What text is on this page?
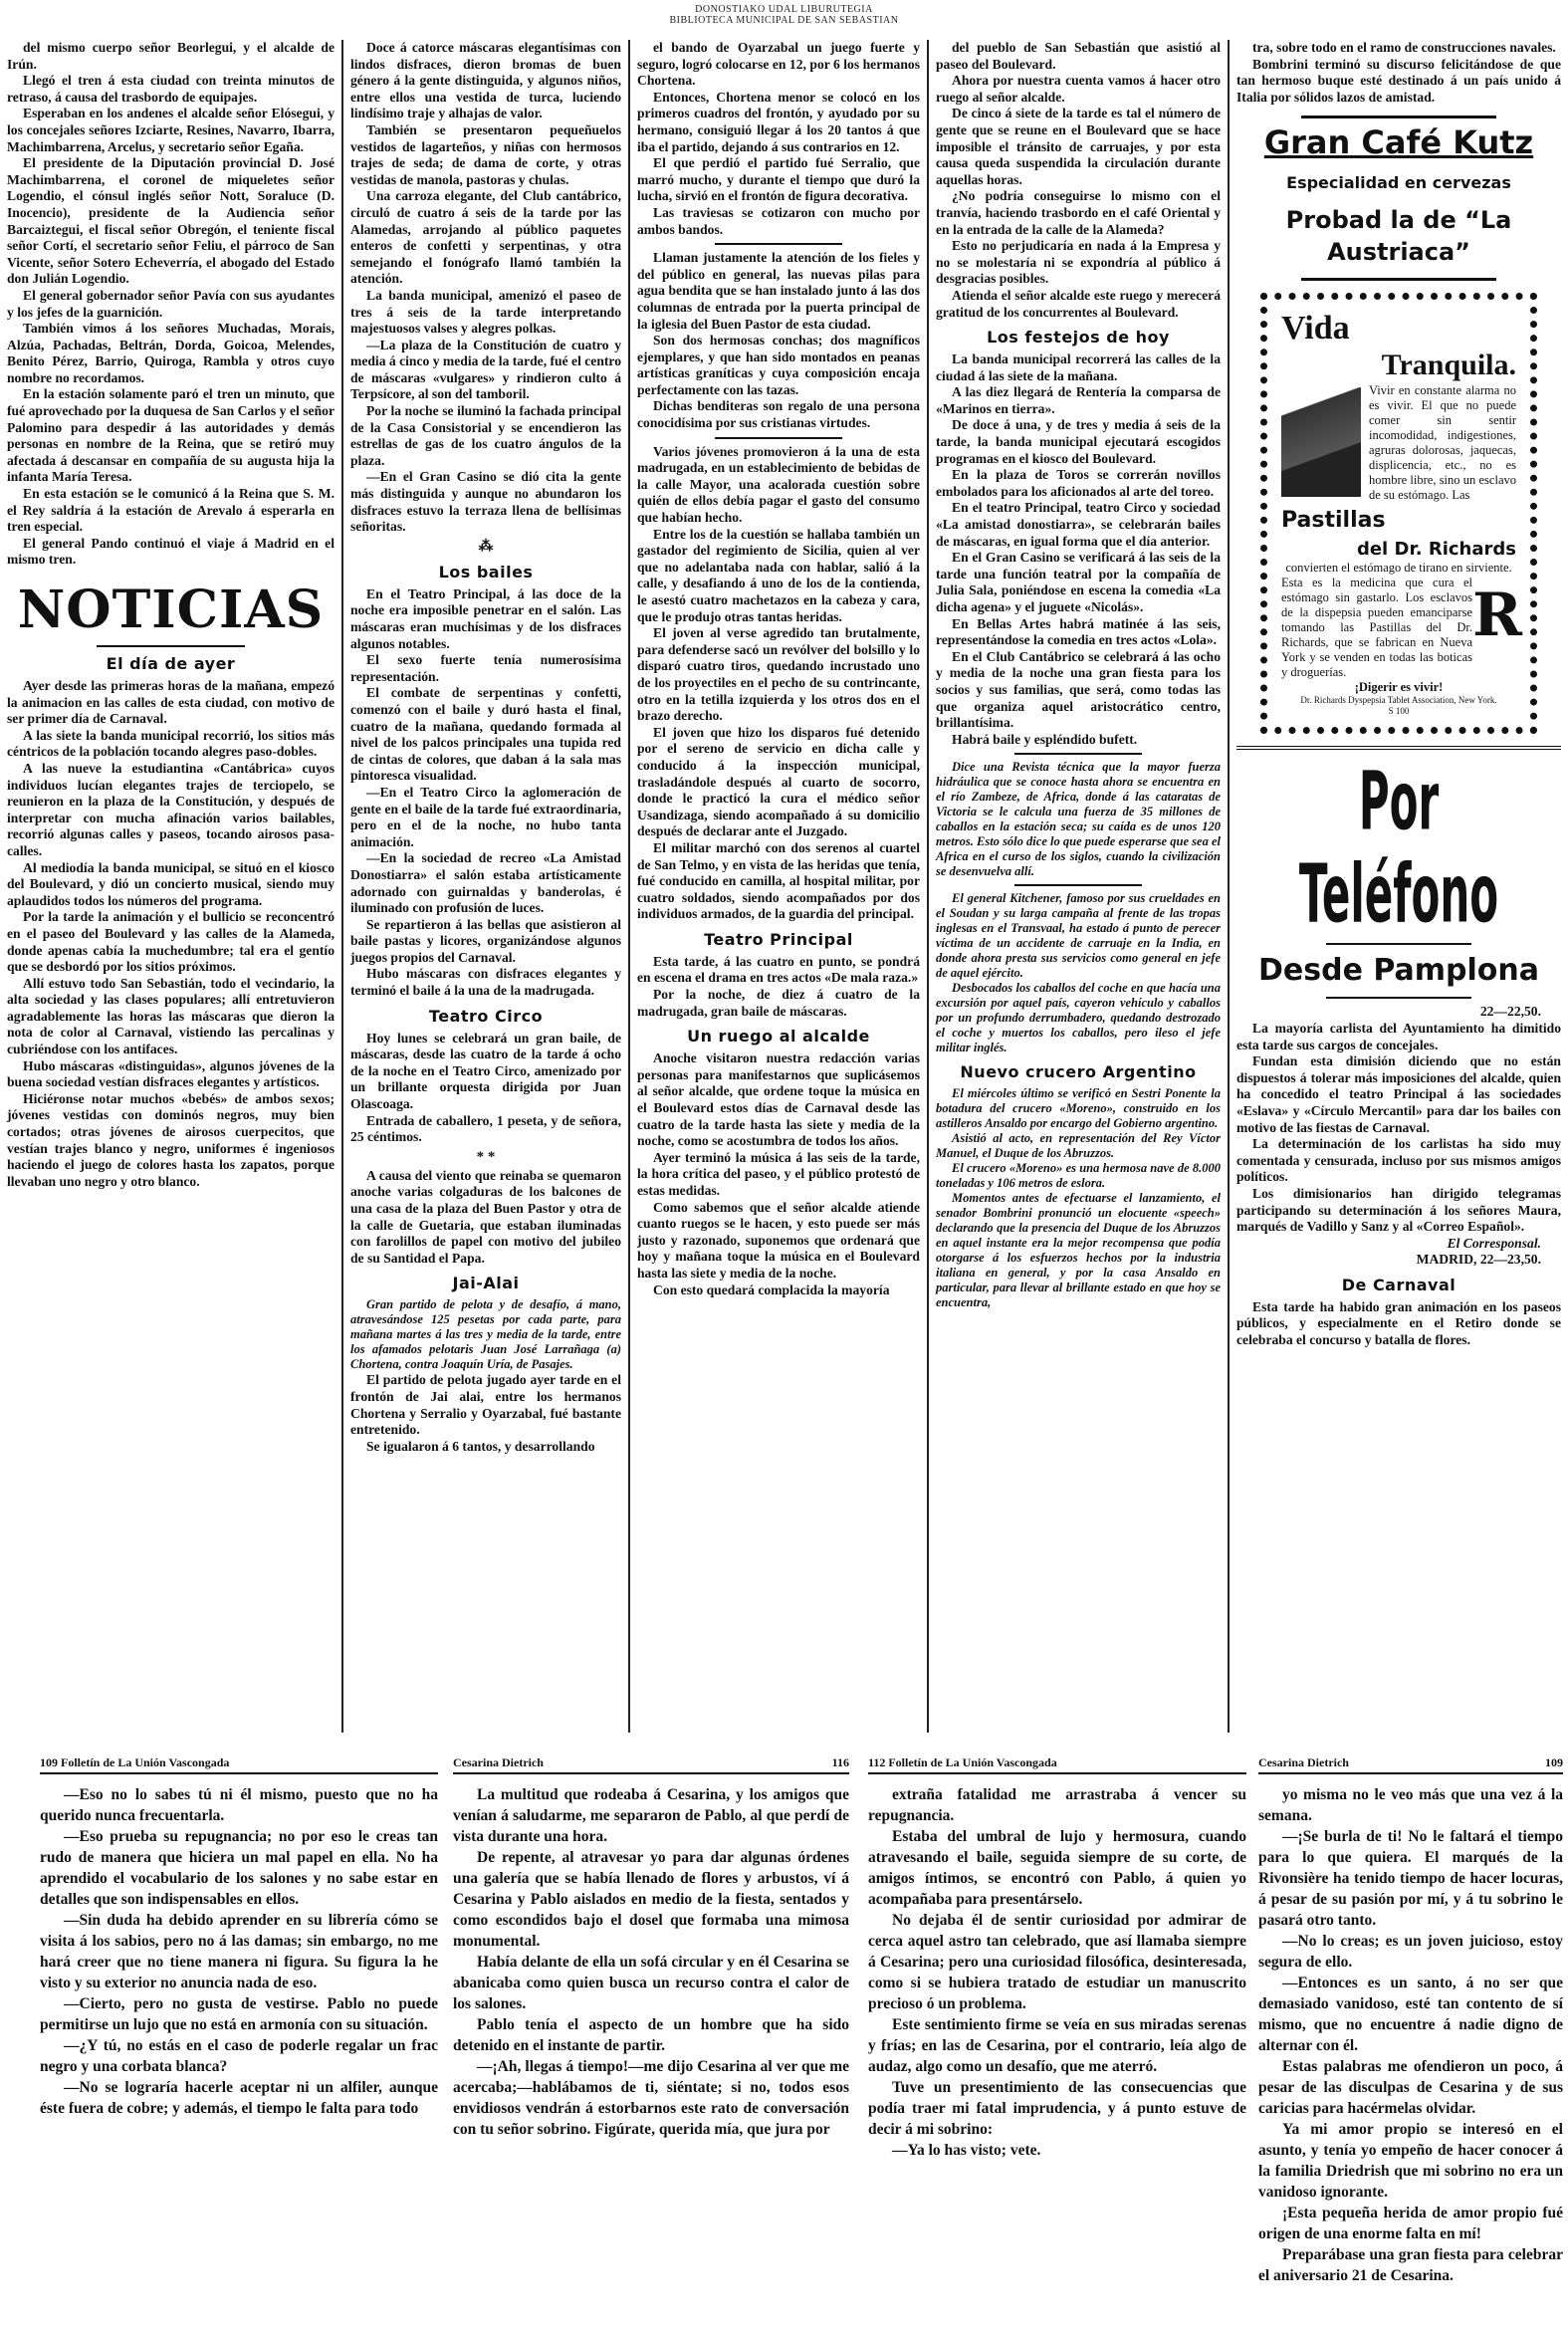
DONOSTIAKO UDAL LIBURUTEGIA
BIBLIOTECA MUNICIPAL DE SAN SEBASTIAN

del mismo cuerpo señor Beorlegui, y el alcalde de Irún.

Llegó el tren á esta ciudad con treinta minutos de retraso, á causa del trasbordo de equipajes.

Esperaban en los andenes el alcalde señor Elósegui, y los concejales señores Izciarte, Resines, Navarro, Ibarra, Machimbarrena, Arcelus, y secretario señor Egaña.

El presidente de la Diputación provincial D. José Machimbarrena, el coronel de miqueletes señor Logendio, el cónsul inglés señor Nott, Soraluce (D. Inocencio), presidente de la Audiencia señor Barcaiztegui, el fiscal señor Obregón, el teniente fiscal señor Cortí, el secretario señor Feliu, el párroco de San Vicente, señor Sotero Echeverría, el abogado del Estado don Julián Logendio.

El general gobernador señor Pavía con sus ayudantes y los jefes de la guarnición.

También vimos á los señores Muchadas, Morais, Alzúa, Pachadas, Beltrán, Dorda, Goicoa, Melendes, Benito Pérez, Barrio, Quiroga, Rambla y otros cuyo nombre no recordamos.

En la estación solamente paró el tren un minuto, que fué aprovechado por la duquesa de San Carlos y el señor Palomino para despedir á las autoridades y demás personas en nombre de la Reina, que se retiró muy afectada á descansar en compañía de su augusta hija la infanta María Teresa.

En esta estación se le comunicó á la Reina que S. M. el Rey saldría á la estación de Arevalo á esperarla en tren especial.

El general Pando continuó el viaje á Madrid en el mismo tren.

NOTICIAS
El día de ayer

Ayer desde las primeras horas de la mañana, empezó la animacion en las calles de esta ciudad, con motivo de ser primer día de Carnaval.

A las siete la banda municipal recorrió, los sitios más céntricos de la población tocando alegres paso-dobles.

A las nueve la estudiantina «Cantábrica» cuyos individuos lucían elegantes trajes de terciopelo, se reunieron en la plaza de la Constitución, y después de interpretar con mucha afinación varios bailables, recorrió algunas calles y paseos, tocando airosos pasa-calles.

Al mediodía la banda municipal, se situó en el kiosco del Boulevard, y dió un concierto musical, siendo muy aplaudidos todos los números del programa.

Por la tarde la animación y el bullicio se reconcentró en el paseo del Boulevard y las calles de la Alameda, donde apenas cabía la muchedumbre; tal era el gentío que se desbordó por los sitios próximos.

Allí estuvo todo San Sebastián, todo el vecindario, la alta sociedad y las clases populares; allí entretuvieron agradablemente las horas las máscaras que dieron la nota de color al Carnaval, vistiendo las percalinas y cubriéndose con los antifaces.

Hubo máscaras «distinguidas», algunos jóvenes de la buena sociedad vestían disfraces elegantes y artísticos.

Hiciéronse notar muchos «bebés» de ambos sexos; jóvenes vestidas con dominós negros, muy bien cortados; otras jóvenes de airosos cuerpecitos, que vestían trajes blanco y negro, uniformes é ingeniosos haciendo el juego de colores hasta los zapatos, porque llevaban uno negro y otro blanco.

Doce á catorce máscaras elegantísimas con lindos disfraces, dieron bromas de buen género á la gente distinguida, y algunos niños, entre ellos una vestida de turca, luciendo lindísimo traje y alhajas de valor.

También se presentaron pequeñuelos vestidos de lagarteños, y niñas con hermosos trajes de seda; de dama de corte, y otras vestidas de manola, pastoras y chulas.

Una carroza elegante, del Club cantábrico, circuló de cuatro á seis de la tarde por las Alamedas, arrojando al público paquetes enteros de confetti y serpentinas, y otra semejando el fonógrafo llamó también la atención.

La banda municipal, amenizó el paseo de tres á seis de la tarde interpretando majestuosos valses y alegres polkas.

—La plaza de la Constitución de cuatro y media á cinco y media de la tarde, fué el centro de máscaras «vulgares» y rindieron culto á Terpsícore, al son del tamboril.

Por la noche se iluminó la fachada principal de la Casa Consistorial y se encendieron las estrellas de gas de los cuatro ángulos de la plaza.

—En el Gran Casino se dió cita la gente más distinguida y aunque no abundaron los disfraces estuvo la terraza llena de bellísimas señoritas.

⁂
Los bailes

En el Teatro Principal, á las doce de la noche era imposible penetrar en el salón. Las máscaras eran muchísimas y de los disfraces algunos notables.

El sexo fuerte tenía numerosísima representación.

El combate de serpentinas y confetti, comenzó con el baile y duró hasta el final, cuatro de la mañana, quedando formada al nivel de los palcos principales una tupida red de cintas de colores, que daban á la sala mas pintoresca visualidad.

—En el Teatro Circo la aglomeración de gente en el baile de la tarde fué extraordinaria, pero en el de la noche, no hubo tanta animación.

—En la sociedad de recreo «La Amistad Donostiarra» el salón estaba artísticamente adornado con guirnaldas y banderolas, é iluminado con profusión de luces.

Se repartieron á las bellas que asistieron al baile pastas y licores, organizándose algunos juegos propios del Carnaval.

Hubo máscaras con disfraces elegantes y terminó el baile á la una de la madrugada.

Teatro Circo

Hoy lunes se celebrará un gran baile, de máscaras, desde las cuatro de la tarde á ocho de la noche en el Teatro Circo, amenizado por un brillante orquesta dirigida por Juan Olascoaga.

Entrada de caballero, 1 peseta, y de señora, 25 céntimos.

* *

A causa del viento que reinaba se quemaron anoche varias colgaduras de los balcones de una casa de la plaza del Buen Pastor y otra de la calle de Guetaria, que estaban iluminadas con farolillos de papel con motivo del jubileo de su Santidad el Papa.

Jai-Alai

Gran partido de pelota y de desafío, á mano, atravesándose 125 pesetas por cada parte, para mañana martes á las tres y media de la tarde, entre los afamados pelotaris Juan José Larrañaga (a) Chortena, contra Joaquín Uría, de Pasajes.

El partido de pelota jugado ayer tarde en el frontón de Jai alai, entre los hermanos Chortena y Serralio y Oyarzabal, fué bastante entretenido.

Se igualaron á 6 tantos, y desarrollando

el bando de Oyarzabal un juego fuerte y seguro, logró colocarse en 12, por 6 los hermanos Chortena.

Entonces, Chortena menor se colocó en los primeros cuadros del frontón, y ayudado por su hermano, consiguió llegar á los 20 tantos á que iba el partido, dejando á sus contrarios en 12.

El que perdió el partido fué Serralio, que marró mucho, y durante el tiempo que duró la lucha, sirvió en el frontón de figura decorativa.

Las traviesas se cotizaron con mucho por ambos bandos.

Llaman justamente la atención de los fieles y del público en general, las nuevas pilas para agua bendita que se han instalado junto á las dos columnas de entrada por la puerta principal de la iglesia del Buen Pastor de esta ciudad.

Son dos hermosas conchas; dos magníficos ejemplares, y que han sido montados en peanas artísticas graníticas y cuya composición encaja perfectamente con las tazas.

Dichas benditeras son regalo de una persona conocidísima por sus cristianas virtudes.

Varios jóvenes promovieron á la una de esta madrugada, en un establecimiento de bebidas de la calle Mayor, una acalorada cuestión sobre quién de ellos debía pagar el gasto del consumo que habían hecho.

Entre los de la cuestión se hallaba también un gastador del regimiento de Sicilia, quien al ver que no adelantaba nada con hablar, salió á la calle, y desafiando á uno de los de la contienda, le asestó cuatro machetazos en la cabeza y cara, que le produjo otras tantas heridas.

El joven al verse agredido tan brutalmente, para defenderse sacó un revólver del bolsillo y lo disparó cuatro tiros, quedando incrustado uno de los proyectiles en el pecho de su contrincante, otro en la tetilla izquierda y los otros dos en el brazo derecho.

El joven que hizo los disparos fué detenido por el sereno de servicio en dicha calle y conducido á la inspección municipal, trasladándole después al cuarto de socorro, donde le practicó la cura el médico señor Usandizaga, siendo acompañado á su domicilio después de declarar ante el Juzgado.

El militar marchó con dos serenos al cuartel de San Telmo, y en vista de las heridas que tenía, fué conducido en camilla, al hospital militar, por cuatro soldados, siendo acompañados por dos individuos armados, de la guardia del principal.

Teatro Principal

Esta tarde, á las cuatro en punto, se pondrá en escena el drama en tres actos «De mala raza.»

Por la noche, de diez á cuatro de la madrugada, gran baile de máscaras.

Un ruego al alcalde

Anoche visitaron nuestra redacción varias personas para manifestarnos que suplicásemos al señor alcalde, que ordene toque la música en el Boulevard estos días de Carnaval desde las cuatro de la tarde hasta las siete y media de la noche, como se acostumbra de todos los años.

Ayer terminó la música á las seis de la tarde, la hora crítica del paseo, y el público protestó de estas medidas.

Como sabemos que el señor alcalde atiende cuanto ruegos se le hacen, y esto puede ser más justo y razonado, suponemos que ordenará que hoy y mañana toque la música en el Boulevard hasta las siete y media de la noche.

Con esto quedará complacida la mayoría

del pueblo de San Sebastián que asistió al paseo del Boulevard.

Ahora por nuestra cuenta vamos á hacer otro ruego al señor alcalde.

De cinco á siete de la tarde es tal el número de gente que se reune en el Boulevard que se hace imposible el tránsito de carruajes, y por esta causa queda suspendida la circulación durante aquellas horas.

¿No podría conseguirse lo mismo con el tranvía, haciendo trasbordo en el café Oriental y en la entrada de la calle de la Alameda?

Esto no perjudicaría en nada á la Empresa y no se molestaría ni se expondría al público á desgracias posibles.

Atienda el señor alcalde este ruego y merecerá gratitud de los concurrentes al Boulevard.

Los festejos de hoy

La banda municipal recorrerá las calles de la ciudad á las siete de la mañana.

A las diez llegará de Rentería la comparsa de «Marinos en tierra».

De doce á una, y de tres y media á seis de la tarde, la banda municipal ejecutará escogidos programas en el kiosco del Boulevard.

En la plaza de Toros se correrán novillos embolados para los aficionados al arte del toreo.

En el teatro Principal, teatro Circo y sociedad «La amistad donostiarra», se celebrarán bailes de máscaras, en igual forma que el día anterior.

En el Gran Casino se verificará á las seis de la tarde una función teatral por la compañía de Julia Sala, poniéndose en escena la comedia «La dicha agena» y el juguete «Nicolás».

En Bellas Artes habrá matinée á las seis, representándose la comedia en tres actos «Lola».

En el Club Cantábrico se celebrará á las ocho y media de la noche una gran fiesta para los socios y sus familias, que será, como todas las que organiza aquel aristocrático centro, brillantísima.

Habrá baile y espléndido bufett.

Dice una Revista técnica que la mayor fuerza hidráulica que se conoce hasta ahora se encuentra en el río Zambeze, de Africa, donde á las cataratas de Victoria se le calcula una fuerza de 35 millones de caballos en la estación seca; su caída es de unos 120 metros. Esto sólo dice lo que puede esperarse que sea el Africa en el curso de los siglos, cuando la civilización se desenvuelva allí.

El general Kitchener, famoso por sus crueldades en el Soudan y su larga campaña al frente de las tropas inglesas en el Transvaal, ha estado á punto de perecer víctima de un accidente de carruaje en la India, en donde ahora presta sus servicios como general en jefe de aquel ejército.

Desbocados los caballos del coche en que hacía una excursión por aquel país, cayeron vehículo y caballos por un profundo derrumbadero, quedando destrozado el coche y muertos los caballos, pero ileso el jefe militar inglés.

Nuevo crucero Argentino

El miércoles último se verificó en Sestri Ponente la botadura del crucero «Moreno», construido en los astilleros Ansaldo por encargo del Gobierno argentino.

Asistió al acto, en representación del Rey Víctor Manuel, el Duque de los Abruzzos.

El crucero «Moreno» es una hermosa nave de 8.000 toneladas y 106 metros de eslora.

Momentos antes de efectuarse el lanzamiento, el senador Bombrini pronunció un elocuente «speech» declarando que la presencia del Duque de los Abruzzos en aquel instante era la mejor recompensa que podía otorgarse á los esfuerzos hechos por la industria italiana en general, y por la casa Ansaldo en particular, para llevar al brillante estado en que hoy se encuentra,

tra, sobre todo en el ramo de construcciones navales.

Bombrini terminó su discurso felicitándose de que tan hermoso buque esté destinado á un país unido á Italia por sólidos lazos de amistad.

Gran Café Kutz
Especialidad en cervezas
Probad la de “La Austriaca”
Vida
Tranquila.
Vivir en constante alarma no es vivir. El que no puede comer sin sentir incomodidad, indigestiones, agruras dolorosas, jaquecas, displicencia, etc., no es hombre libre, sino un esclavo de su estómago. Las
Pastillas
del Dr. Richards
convierten el estómago de tirano en sirviente.
R
Esta es la medicina que cura el estómago sin gastarlo. Los esclavos de la dispepsia pueden emanciparse tomando las Pastillas del Dr. Richards, que se fabrican en Nueva York y se venden en todas las boticas y droguerías.
¡Digerir es vivir!
Dr. Richards Dyspepsia Tablet Association, New York.
S 100
Por Teléfono
Desde Pamplona

22—22,50.

La mayoría carlista del Ayuntamiento ha dimitido esta tarde sus cargos de concejales.

Fundan esta dimisión diciendo que no están dispuestos á tolerar más imposiciones del alcalde, quien ha concedido el teatro Principal á las sociedades «Eslava» y «Círculo Mercantil» para dar los bailes con motivo de las fiestas de Carnaval.

La determinación de los carlistas ha sido muy comentada y censurada, incluso por sus mismos amigos políticos.

Los dimisionarios han dirigido telegramas participando su determinación á los señores Maura, marqués de Vadillo y Sanz y al «Correo Español».

El Corresponsal.

MADRID, 22—23,50.

De Carnaval

Esta tarde ha habido gran animación en los paseos públicos, y especialmente en el Retiro donde se celebraba el concurso y batalla de flores.

109 Folletín de La Unión Vascongada

—Eso no lo sabes tú ni él mismo, puesto que no ha querido nunca frecuentarla.

—Eso prueba su repugnancia; no por eso le creas tan rudo de manera que hiciera un mal papel en ella. No ha aprendido el vocabulario de los salones y no sabe estar en detalles que son indispensables en ellos.

—Sin duda ha debido aprender en su librería cómo se visita á los sabios, pero no á las damas; sin embargo, no me hará creer que no tiene manera ni figura. Su figura la he visto y su exterior no anuncia nada de eso.

—Cierto, pero no gusta de vestirse. Pablo no puede permitirse un lujo que no está en armonía con su situación.

—¿Y tú, no estás en el caso de poderle regalar un frac negro y una corbata blanca?

—No se lograría hacerle aceptar ni un alfiler, aunque éste fuera de cobre; y además, el tiempo le falta para todo

Cesarina Dietrich	116

La multitud que rodeaba á Cesarina, y los amigos que venían á saludarme, me separaron de Pablo, al que perdí de vista durante una hora.

De repente, al atravesar yo para dar algunas órdenes una galería que se había llenado de flores y arbustos, ví á Cesarina y Pablo aislados en medio de la fiesta, sentados y como escondidos bajo el dosel que formaba una mimosa monumental.

Había delante de ella un sofá circular y en él Cesarina se abanicaba como quien busca un recurso contra el calor de los salones.

Pablo tenía el aspecto de un hombre que ha sido detenido en el instante de partir.

—¡Ah, llegas á tiempo!—me dijo Cesarina al ver que me acercaba;—hablábamos de ti, siéntate; si no, todos esos envidiosos vendrán á estorbarnos este rato de conversación con tu señor sobrino. Figúrate, querida mía, que jura por

112 Folletín de La Unión Vascongada

extraña fatalidad me arrastraba á vencer su repugnancia.

Estaba del umbral de lujo y hermosura, cuando atravesando el baile, seguida siempre de su corte, de amigos íntimos, se encontró con Pablo, á quien yo acompañaba para presentárselo.

No dejaba él de sentir curiosidad por admirar de cerca aquel astro tan celebrado, que así llamaba siempre á Cesarina; pero una curiosidad filosófica, desinteresada, como si se hubiera tratado de estudiar un manuscrito precioso ó un problema.

Este sentimiento firme se veía en sus miradas serenas y frías; en las de Cesarina, por el contrario, leía algo de audaz, algo como un desafío, que me aterró.

Tuve un presentimiento de las consecuencias que podía traer mi fatal imprudencia, y á punto estuve de decir á mi sobrino:

—Ya lo has visto; vete.

Cesarina Dietrich	109

yo misma no le veo más que una vez á la semana.

—¡Se burla de ti! No le faltará el tiempo para lo que quiera. El marqués de la Rivonsière ha tenido tiempo de hacer locuras, á pesar de su pasión por mí, y á tu sobrino le pasará otro tanto.

—No lo creas; es un joven juicioso, estoy segura de ello.

—Entonces es un santo, á no ser que demasiado vanidoso, esté tan contento de sí mismo, que no encuentre á nadie digno de alternar con él.

Estas palabras me ofendieron un poco, á pesar de las disculpas de Cesarina y de sus caricias para hacérmelas olvidar.

Ya mi amor propio se interesó en el asunto, y tenía yo empeño de hacer conocer á la familia Driedrish que mi sobrino no era un vanidoso ignorante.

¡Esta pequeña herida de amor propio fué origen de una enorme falta en mí!

Preparábase una gran fiesta para celebrar el aniversario 21 de Cesarina.
